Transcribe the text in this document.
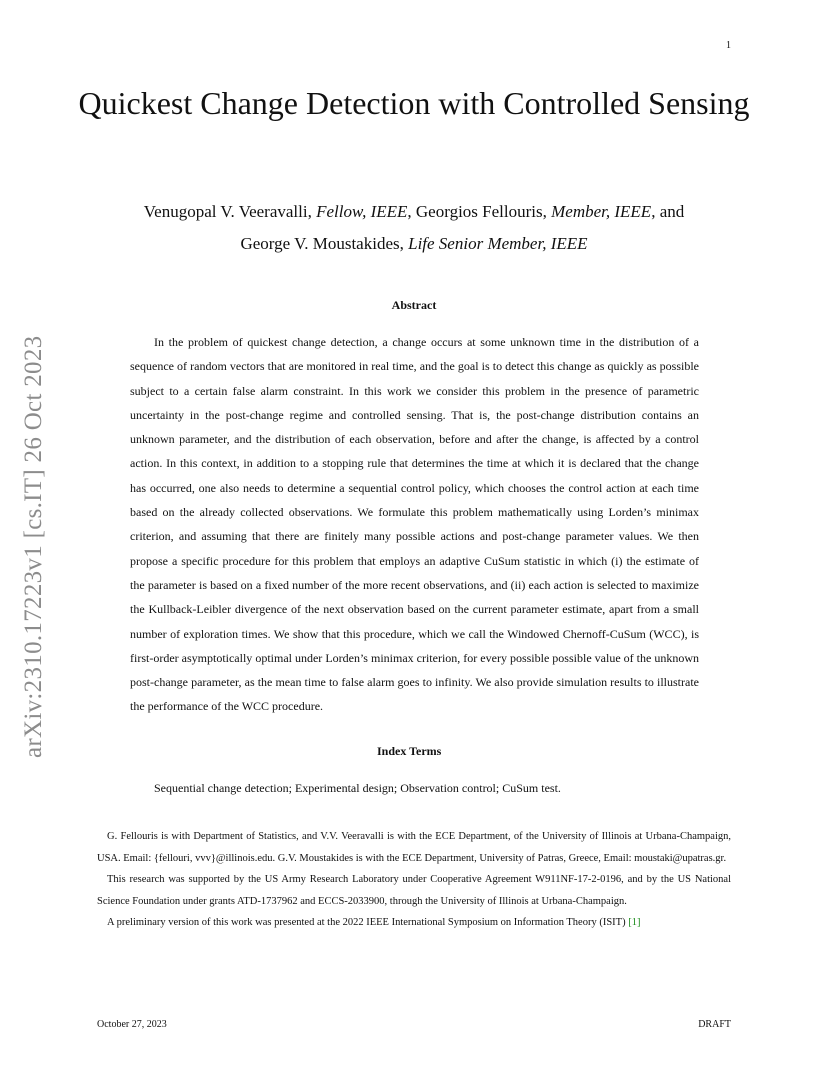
1
arXiv:2310.17223v1 [cs.IT] 26 Oct 2023
Quickest Change Detection with Controlled Sensing
Venugopal V. Veeravalli, Fellow, IEEE, Georgios Fellouris, Member, IEEE, and
George V. Moustakides, Life Senior Member, IEEE
Abstract

In the problem of quickest change detection, a change occurs at some unknown time in the distribution of a sequence of random vectors that are monitored in real time, and the goal is to detect this change as quickly as possible subject to a certain false alarm constraint. In this work we consider this problem in the presence of parametric uncertainty in the post-change regime and controlled sensing. That is, the post-change distribution contains an unknown parameter, and the distribution of each observation, before and after the change, is affected by a control action. In this context, in addition to a stopping rule that determines the time at which it is declared that the change has occurred, one also needs to determine a sequential control policy, which chooses the control action at each time based on the already collected observations. We formulate this problem mathematically using Lorden’s minimax criterion, and assuming that there are finitely many possible actions and post-change parameter values. We then propose a specific procedure for this problem that employs an adaptive CuSum statistic in which (i) the estimate of the parameter is based on a fixed number of the more recent observations, and (ii) each action is selected to maximize the Kullback-Leibler divergence of the next observation based on the current parameter estimate, apart from a small number of exploration times. We show that this procedure, which we call the Windowed Chernoff-CuSum (WCC), is first-order asymptotically optimal under Lorden’s minimax criterion, for every possible possible value of the unknown post-change parameter, as the mean time to false alarm goes to infinity. We also provide simulation results to illustrate the performance of the WCC procedure.

Index Terms
Sequential change detection; Experimental design; Observation control; CuSum test.

G. Fellouris is with Department of Statistics, and V.V. Veeravalli is with the ECE Department, of the University of Illinois at Urbana-Champaign, USA. Email: {fellouri, vvv}@illinois.edu. G.V. Moustakides is with the ECE Department, University of Patras, Greece, Email: moustaki@upatras.gr.

This research was supported by the US Army Research Laboratory under Cooperative Agreement W911NF-17-2-0196, and by the US National Science Foundation under grants ATD-1737962 and ECCS-2033900, through the University of Illinois at Urbana-Champaign.

A preliminary version of this work was presented at the 2022 IEEE International Symposium on Information Theory (ISIT) [1]

October 27, 2023	DRAFT
